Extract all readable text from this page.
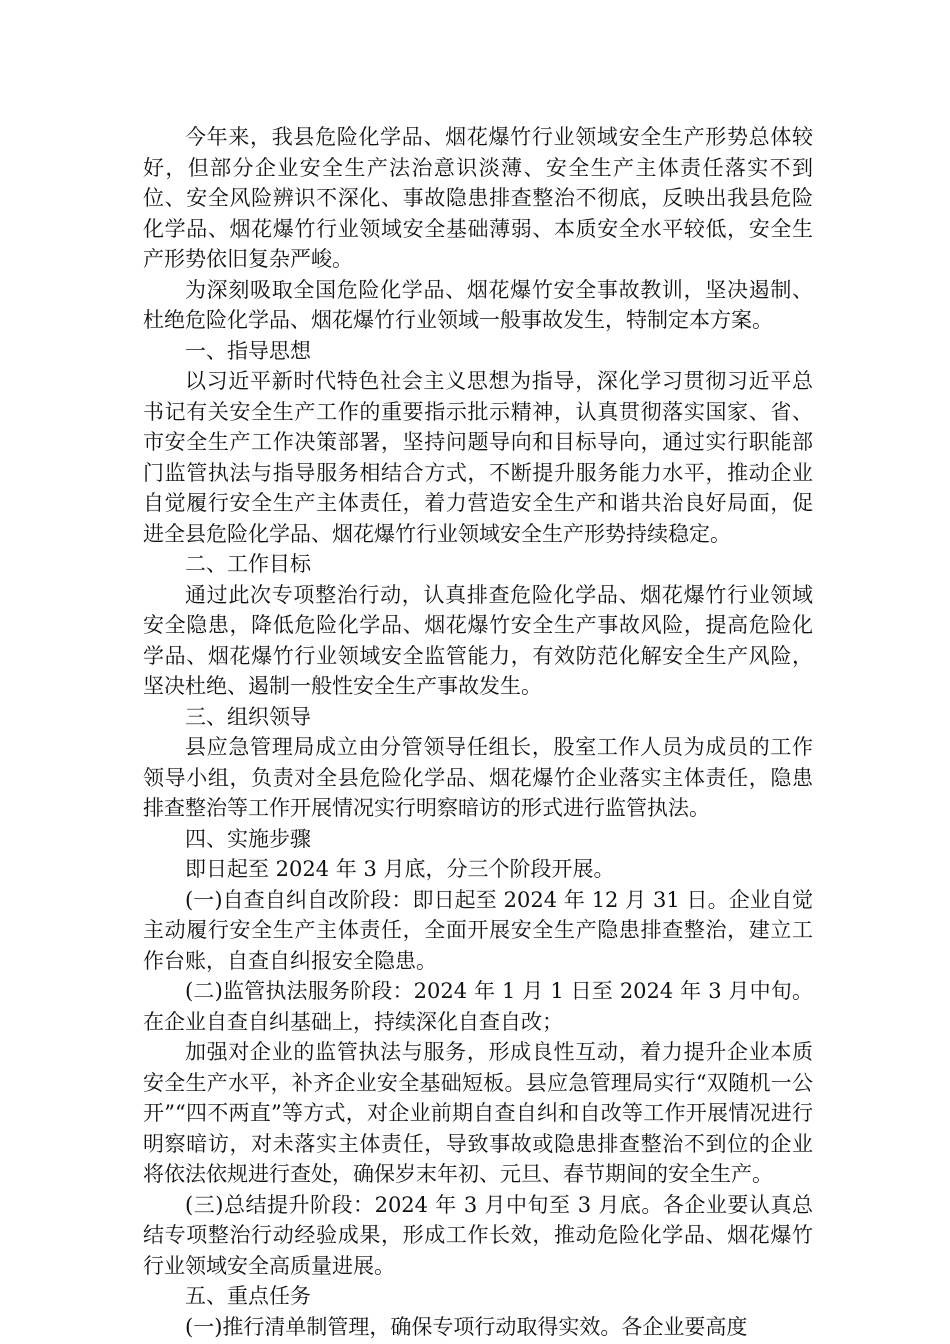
今年来，我县危险化学品、烟花爆竹行业领域安全生产形势总体较好，但部分企业安全生产法治意识淡薄、安全生产主体责任落实不到位、安全风险辨识不深化、事故隐患排查整治不彻底，反映出我县危险化学品、烟花爆竹行业领域安全基础薄弱、本质安全水平较低，安全生产形势依旧复杂严峻。

为深刻吸取全国危险化学品、烟花爆竹安全事故教训，坚决遏制、杜绝危险化学品、烟花爆竹行业领域一般事故发生，特制定本方案。

一、指导思想

以习近平新时代特色社会主义思想为指导，深化学习贯彻习近平总书记有关安全生产工作的重要指示批示精神，认真贯彻落实国家、省、市安全生产工作决策部署，坚持问题导向和目标导向，通过实行职能部门监管执法与指导服务相结合方式，不断提升服务能力水平，推动企业自觉履行安全生产主体责任，着力营造安全生产和谐共治良好局面，促进全县危险化学品、烟花爆竹行业领域安全生产形势持续稳定。

二、工作目标

通过此次专项整治行动，认真排查危险化学品、烟花爆竹行业领域安全隐患，降低危险化学品、烟花爆竹安全生产事故风险，提高危险化学品、烟花爆竹行业领域安全监管能力，有效防范化解安全生产风险，坚决杜绝、遏制一般性安全生产事故发生。

三、组织领导

县应急管理局成立由分管领导任组长，股室工作人员为成员的工作领导小组，负责对全县危险化学品、烟花爆竹企业落实主体责任，隐患排查整治等工作开展情况实行明察暗访的形式进行监管执法。

四、实施步骤

即日起至 2024 年 3 月底，分三个阶段开展。

(一)自查自纠自改阶段：即日起至 2024 年 12 月 31 日。企业自觉主动履行安全生产主体责任，全面开展安全生产隐患排查整治，建立工作台账，自查自纠报安全隐患。

(二)监管执法服务阶段：2024 年 1 月 1 日至 2024 年 3 月中旬。在企业自查自纠基础上，持续深化自查自改；

加强对企业的监管执法与服务，形成良性互动，着力提升企业本质安全生产水平，补齐企业安全基础短板。县应急管理局实行“双随机一公开”“四不两直”等方式，对企业前期自查自纠和自改等工作开展情况进行明察暗访，对未落实主体责任，导致事故或隐患排查整治不到位的企业将依法依规进行查处，确保岁末年初、元旦、春节期间的安全生产。

(三)总结提升阶段：2024 年 3 月中旬至 3 月底。各企业要认真总结专项整治行动经验成果，形成工作长效，推动危险化学品、烟花爆竹行业领域安全高质量进展。

五、重点任务

(一)推行清单制管理，确保专项行动取得实效。各企业要高度
